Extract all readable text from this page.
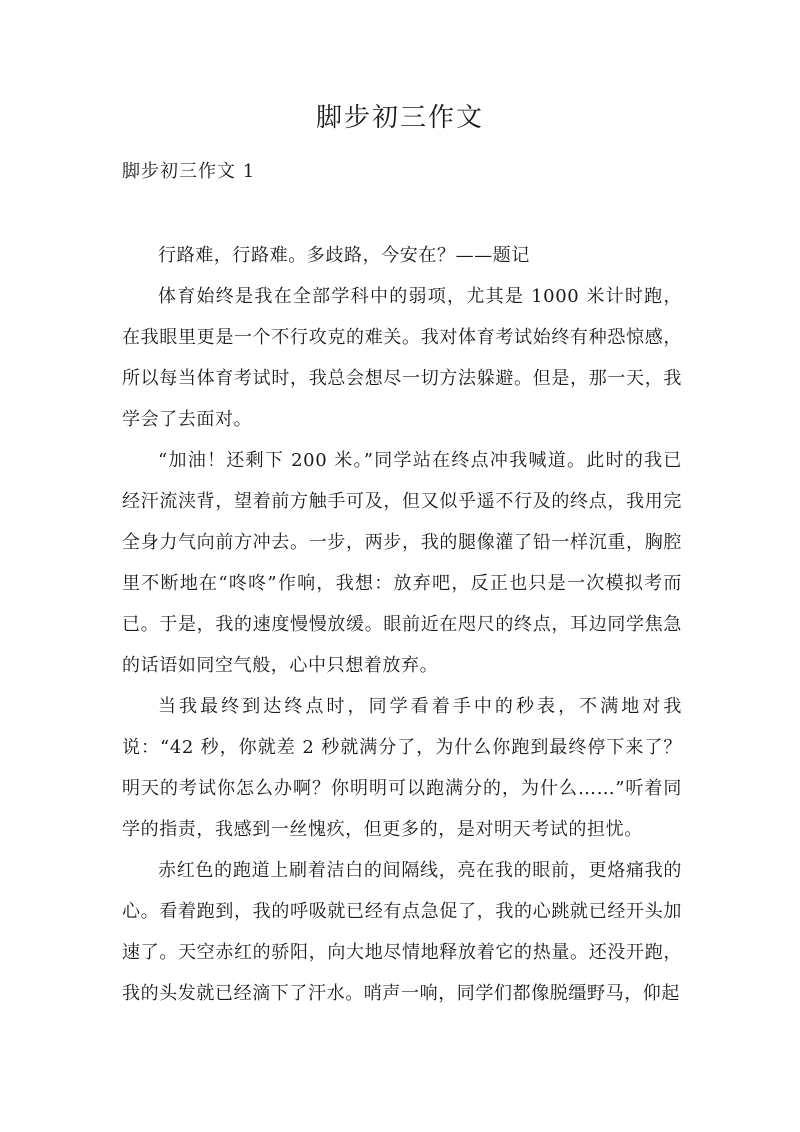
脚步初三作文
脚步初三作文 1

行路难，行路难。多歧路，今安在？——题记

体育始终是我在全部学科中的弱项，尤其是 1000 米计时跑，在我眼里更是一个不行攻克的难关。我对体育考试始终有种恐惊感，所以每当体育考试时，我总会想尽一切方法躲避。但是，那一天，我学会了去面对。

“加油！还剩下 200 米。”同学站在终点冲我喊道。此时的我已经汗流浃背，望着前方触手可及，但又似乎遥不行及的终点，我用完全身力气向前方冲去。一步，两步，我的腿像灌了铅一样沉重，胸腔里不断地在“咚咚”作响，我想：放弃吧，反正也只是一次模拟考而已。于是，我的速度慢慢放缓。眼前近在咫尺的终点，耳边同学焦急的话语如同空气般，心中只想着放弃。

当我最终到达终点时，同学看着手中的秒表，不满地对我说：“42 秒，你就差 2 秒就满分了，为什么你跑到最终停下来了？明天的考试你怎么办啊？你明明可以跑满分的，为什么……”听着同学的指责，我感到一丝愧疚，但更多的，是对明天考试的担忧。

赤红色的跑道上刷着洁白的间隔线，亮在我的眼前，更烙痛我的心。看着跑到，我的呼吸就已经有点急促了，我的心跳就已经开头加速了。天空赤红的骄阳，向大地尽情地释放着它的热量。还没开跑，我的头发就已经滴下了汗水。哨声一响，同学们都像脱缰野马，仰起
